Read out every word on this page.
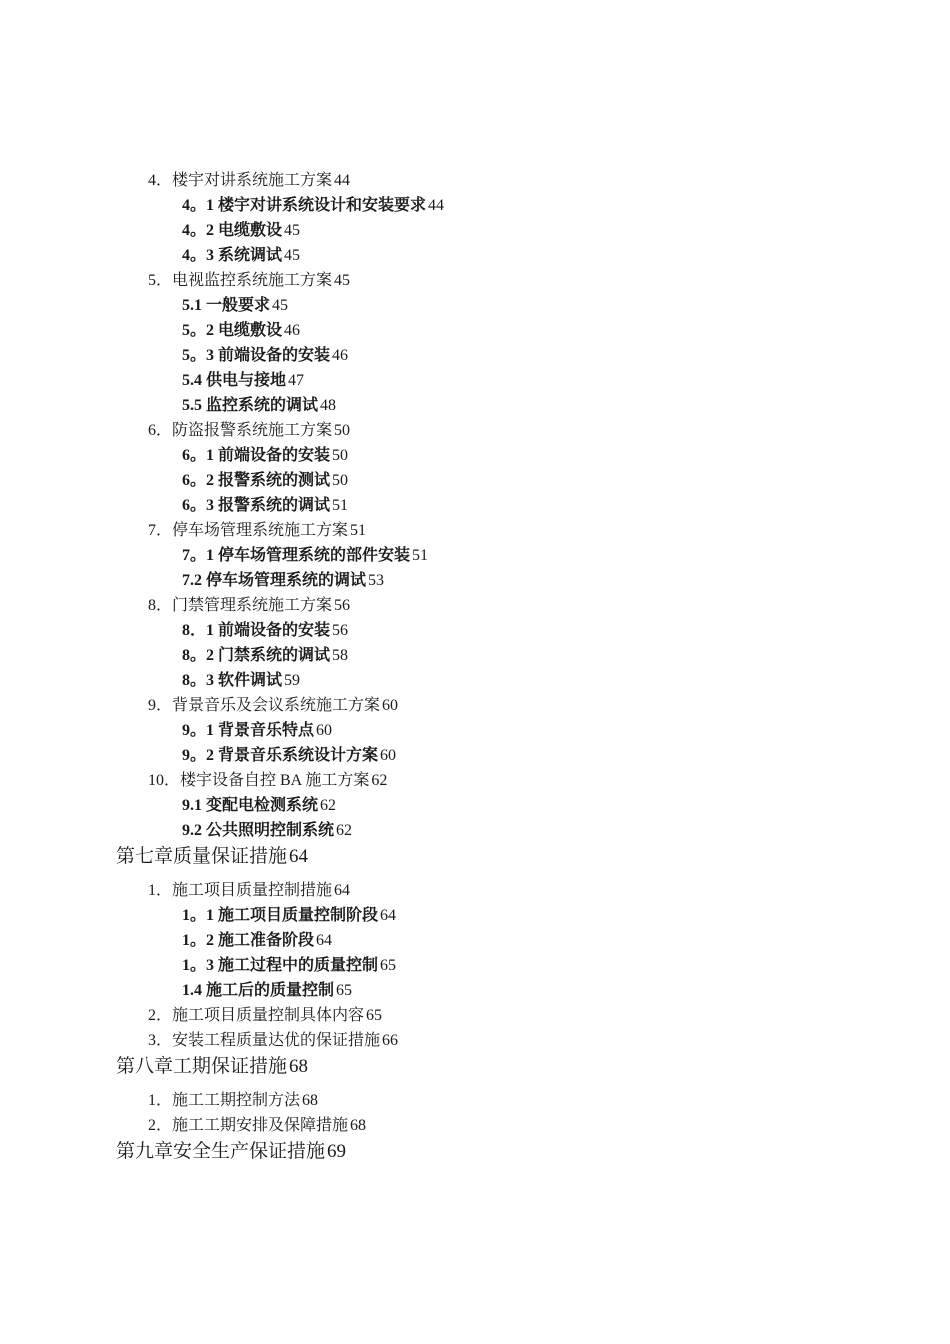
4．楼宇对讲系统施工方案 44
4。1 楼宇对讲系统设计和安装要求 44
4。2 电缆敷设 45
4。3 系统调试 45
5．电视监控系统施工方案 45
5.1 一般要求 45
5。2 电缆敷设 46
5。3 前端设备的安装 46
5.4 供电与接地 47
5.5 监控系统的调试 48
6．防盗报警系统施工方案 50
6。1 前端设备的安装 50
6。2 报警系统的测试 50
6。3 报警系统的调试 51
7．停车场管理系统施工方案 51
7。1 停车场管理系统的部件安装 51
7.2 停车场管理系统的调试 53
8．门禁管理系统施工方案 56
8．1 前端设备的安装 56
8。2 门禁系统的调试 58
8。3 软件调试 59
9．背景音乐及会议系统施工方案 60
9。1 背景音乐特点 60
9。2 背景音乐系统设计方案 60
10．楼宇设备自控 BA 施工方案 62
9.1 变配电检测系统 62
9.2 公共照明控制系统 62
第七章质量保证措施 64
1．施工项目质量控制措施 64
1。1 施工项目质量控制阶段 64
1。2 施工准备阶段 64
1。3 施工过程中的质量控制 65
1.4 施工后的质量控制 65
2．施工项目质量控制具体内容 65
3．安装工程质量达优的保证措施 66
第八章工期保证措施 68
1．施工工期控制方法 68
2．施工工期安排及保障措施 68
第九章安全生产保证措施 69
